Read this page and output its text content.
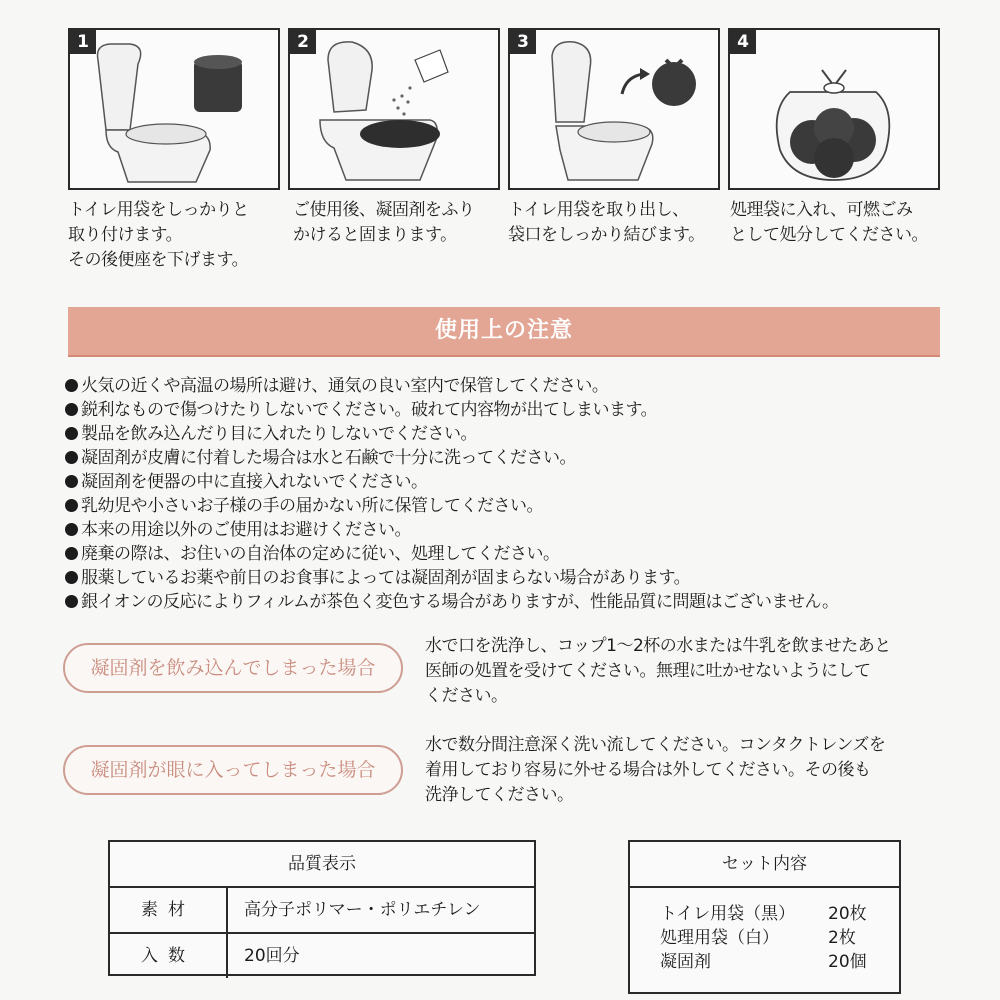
1	2	3	4
トイレ用袋をしっかりと
取り付けます。
その後便座を下げます。
ご使用後、凝固剤をふり
かけると固まります。
トイレ用袋を取り出し、
袋口をしっかり結びます。
処理袋に入れ、可燃ごみ
として処分してください。
使用上の注意
火気の近くや高温の場所は避け、通気の良い室内で保管してください。
鋭利なもので傷つけたりしないでください。破れて内容物が出てしまいます。
製品を飲み込んだり目に入れたりしないでください。
凝固剤が皮膚に付着した場合は水と石鹸で十分に洗ってください。
凝固剤を便器の中に直接入れないでください。
乳幼児や小さいお子様の手の届かない所に保管してください。
本来の用途以外のご使用はお避けください。
廃棄の際は、お住いの自治体の定めに従い、処理してください。
服薬しているお薬や前日のお食事によっては凝固剤が固まらない場合があります。
銀イオンの反応によりフィルムが茶色く変色する場合がありますが、性能品質に問題はございません。
凝固剤を飲み込んでしまった場合
水で口を洗浄し、コップ1～2杯の水または牛乳を飲ませたあと
医師の処置を受けてください。無理に吐かせないようにして
ください。
凝固剤が眼に入ってしまった場合
水で数分間注意深く洗い流してください。コンタクトレンズを
着用しており容易に外せる場合は外してください。その後も
洗浄してください。
品質表示
素材	高分子ポリマー・ポリエチレン
入数	20回分
セット内容
トイレ用袋（黒）	20枚
処理用袋（白）	2枚
凝固剤	20個
